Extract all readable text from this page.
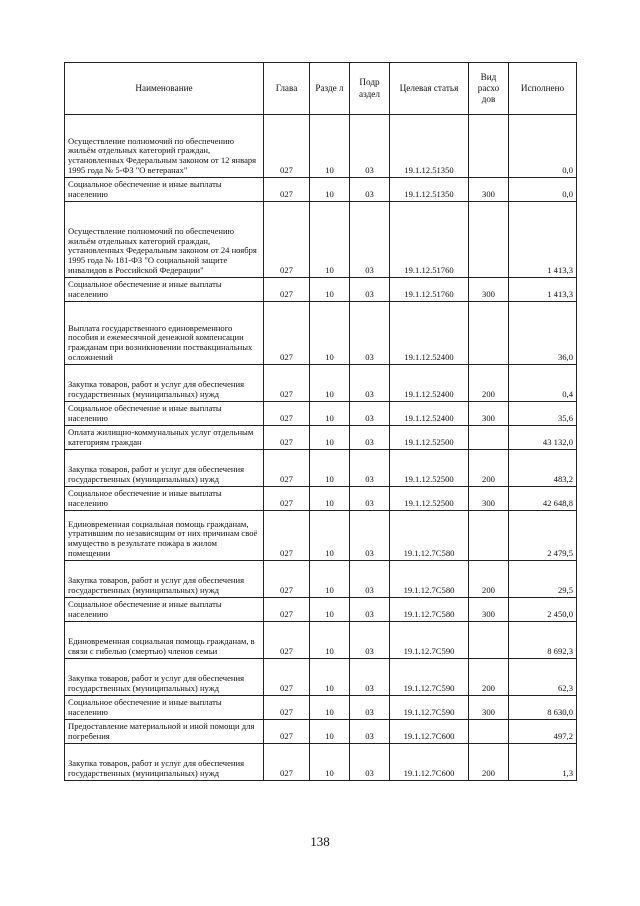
Наименование	Глава	Разде л	Подр аздел	Целевая статья	Вид расхо дов	Исполнено
Осуществление полномочий по обеспечению жильём отдельных категорий граждан, установленных Федеральным законом от 12 января 1995 года № 5-ФЗ "О ветеранах"	027	10	03	19.1.12.51350		0,0
Социальное обеспечение и иные выплаты населению	027	10	03	19.1.12.51350	300	0,0
Осуществление полномочий по обеспечению жильём отдельных категорий граждан, установленных Федеральным законом от 24 ноября 1995 года № 181-ФЗ "О социальной защите инвалидов в Российской Федерации"	027	10	03	19.1.12.51760		1 413,3
Социальное обеспечение и иные выплаты населению	027	10	03	19.1.12.51760	300	1 413,3
Выплата государственного единовременного пособия и ежемесячной денежной компенсации гражданам при возникновении поствакцинальных осложнений	027	10	03	19.1.12.52400		36,0
Закупка товаров, работ и услуг для обеспечения государственных (муниципальных) нужд	027	10	03	19.1.12.52400	200	0,4
Социальное обеспечение и иные выплаты населению	027	10	03	19.1.12.52400	300	35,6
Оплата жилищно-коммунальных услуг отдельным категориям граждан	027	10	03	19.1.12.52500		43 132,0
Закупка товаров, работ и услуг для обеспечения государственных (муниципальных) нужд	027	10	03	19.1.12.52500	200	483,2
Социальное обеспечение и иные выплаты населению	027	10	03	19.1.12.52500	300	42 648,8
Единовременная социальная помощь гражданам, утратившим по независящим от них причинам своё имущество в результате пожара в жилом помещении	027	10	03	19.1.12.7С580		2 479,5
Закупка товаров, работ и услуг для обеспечения государственных (муниципальных) нужд	027	10	03	19.1.12.7С580	200	29,5
Социальное обеспечение и иные выплаты населению	027	10	03	19.1.12.7С580	300	2 450,0
Единовременная социальная помощь гражданам, в связи с гибелью (смертью) членов семьи	027	10	03	19.1.12.7С590		8 692,3
Закупка товаров, работ и услуг для обеспечения государственных (муниципальных) нужд	027	10	03	19.1.12.7С590	200	62,3
Социальное обеспечение и иные выплаты населению	027	10	03	19.1.12.7С590	300	8 630,0
Предоставление материальной и иной помощи для погребения	027	10	03	19.1.12.7С600		497,2
Закупка товаров, работ и услуг для обеспечения государственных (муниципальных) нужд	027	10	03	19.1.12.7С600	200	1,3
138
